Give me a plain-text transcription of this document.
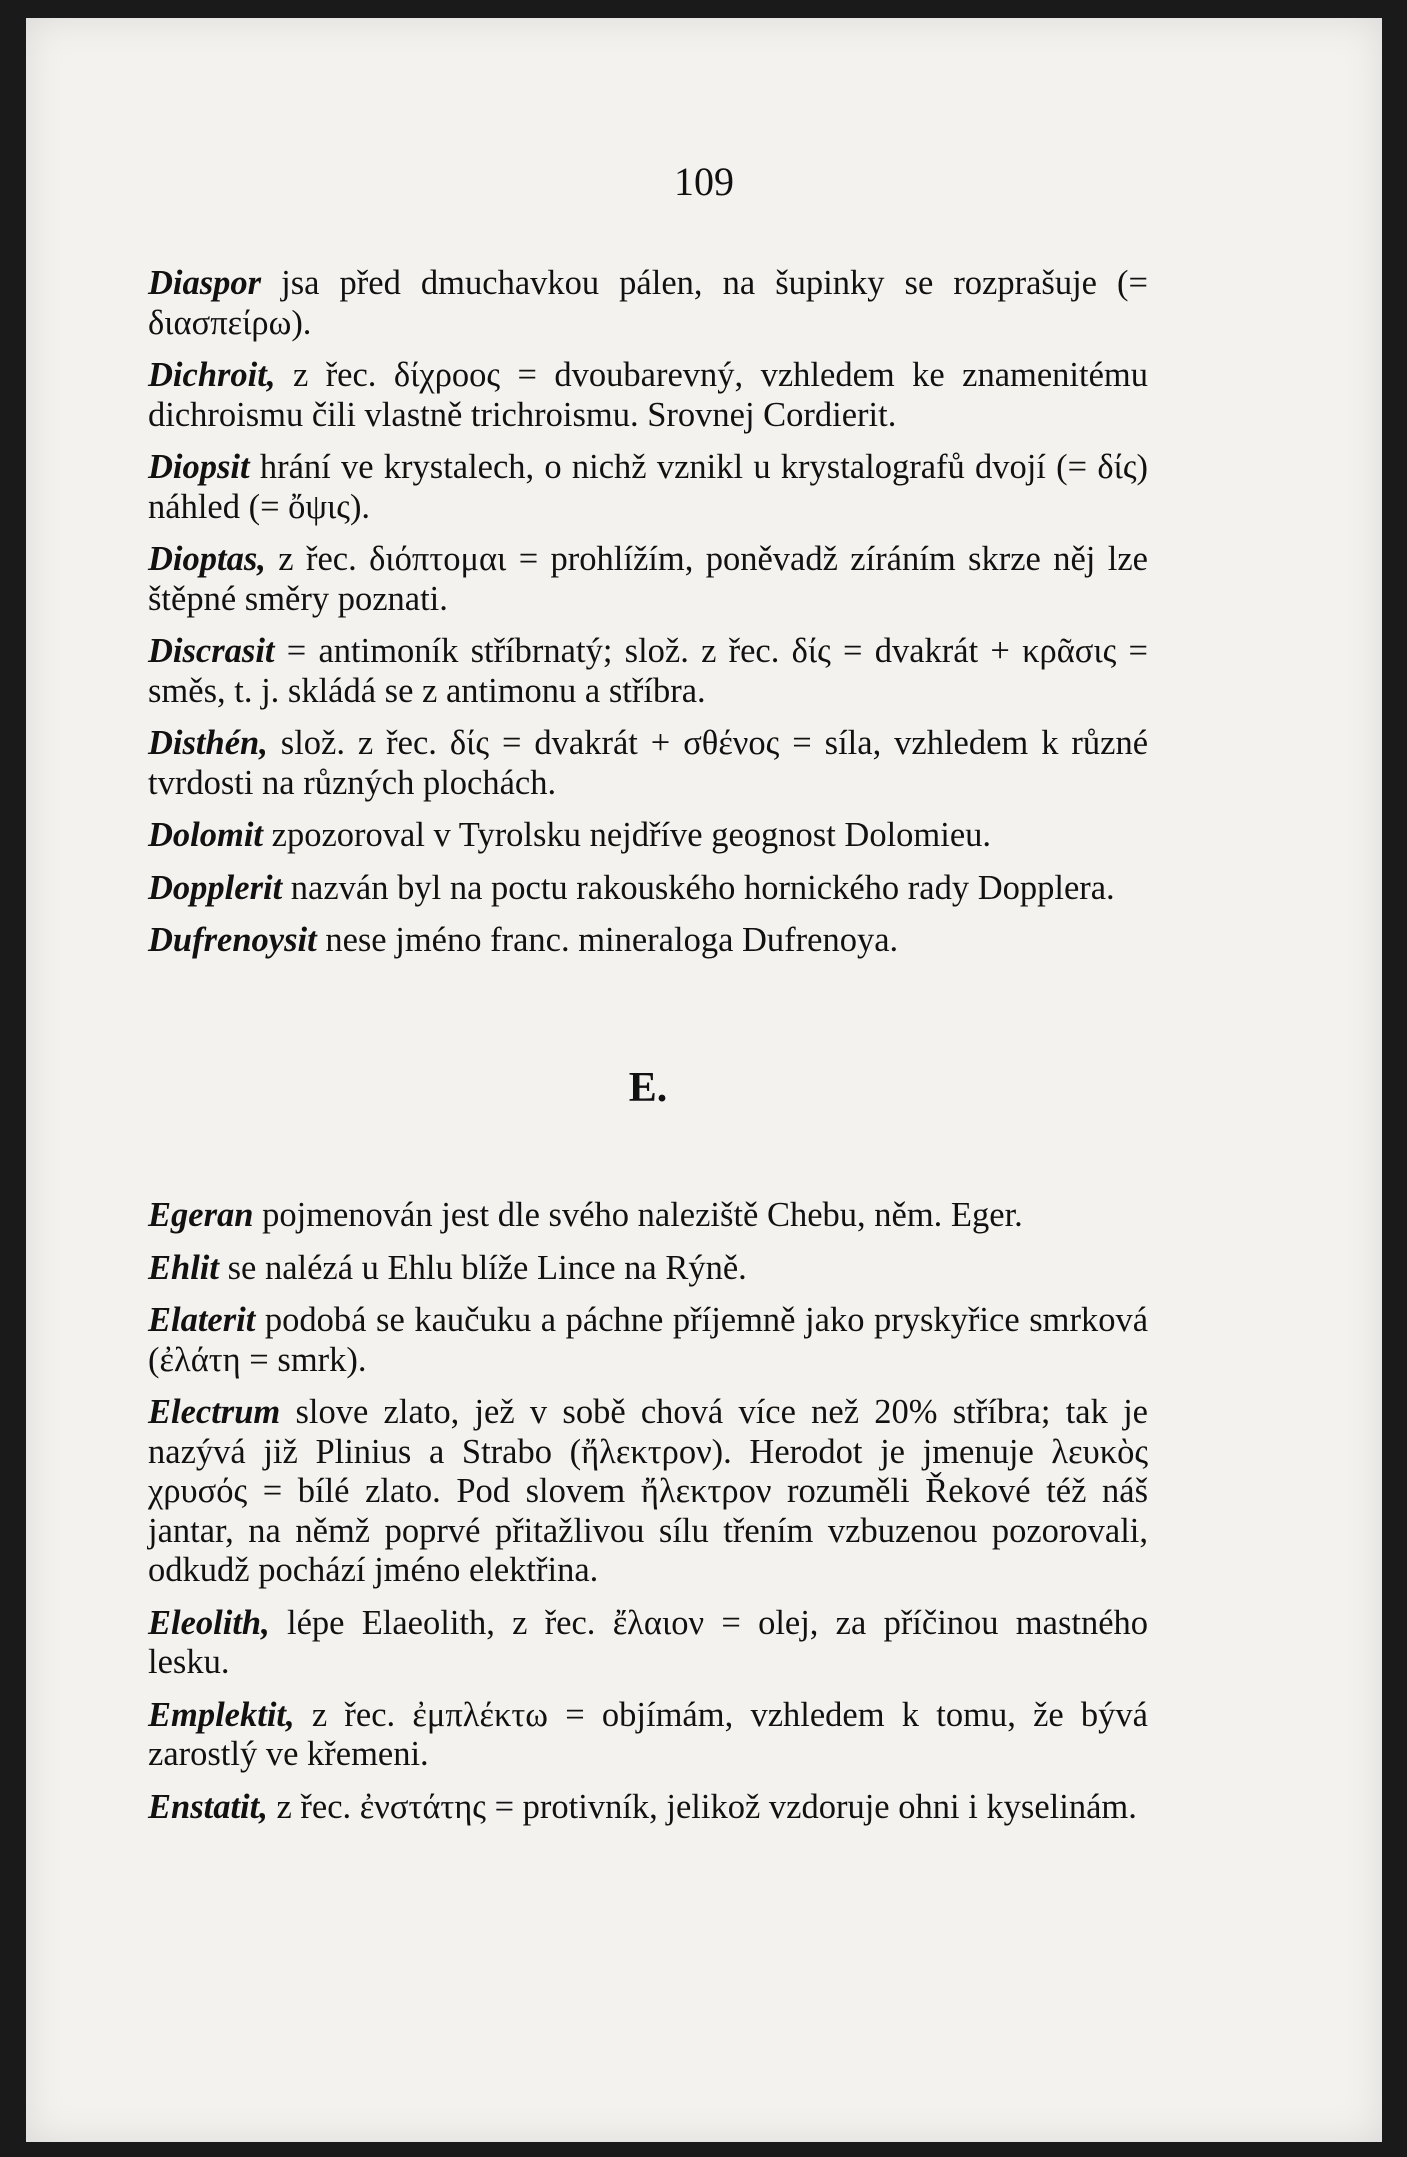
109

Diaspor jsa před dmuchavkou pálen, na šupinky se rozprašuje (= διασπείρω).

Dichroit, z řec. δίχροος = dvoubarevný, vzhledem ke znamenitému dichroismu čili vlastně trichroismu. Srovnej Cordierit.

Diopsit hrání ve krystalech, o nichž vznikl u krystalografů dvojí (= δίς) náhled (= ὄψις).

Dioptas, z řec. διόπτομαι = prohlížím, poněvadž zíráním skrze něj lze štěpné směry poznati.

Discrasit = antimoník stříbrnatý; slož. z řec. δίς = dvakrát + κρᾶσις = směs, t. j. skládá se z antimonu a stříbra.

Disthén, slož. z řec. δίς = dvakrát + σθένος = síla, vzhledem k různé tvrdosti na různých plochách.

Dolomit zpozoroval v Tyrolsku nejdříve geognost Dolomieu.

Dopplerit nazván byl na poctu rakouského hornického rady Dopplera.

Dufrenoysit nese jméno franc. mineraloga Dufrenoya.

E.

Egeran pojmenován jest dle svého naleziště Chebu, něm. Eger.

Ehlit se nalézá u Ehlu blíže Lince na Rýně.

Elaterit podobá se kaučuku a páchne příjemně jako pryskyřice smrková (ἐλάτη = smrk).

Electrum slove zlato, jež v sobě chová více než 20% stříbra; tak je nazývá již Plinius a Strabo (ἤλεκτρον). Herodot je jmenuje λευκὸς χρυσός = bílé zlato. Pod slovem ἤλεκτρον rozuměli Řekové též náš jantar, na němž poprvé přitažlivou sílu třením vzbuzenou pozorovali, odkudž pochází jméno elektřina.

Eleolith, lépe Elaeolith, z řec. ἔλαιον = olej, za příčinou mastného lesku.

Emplektit, z řec. ἐμπλέκτω = objímám, vzhledem k tomu, že bývá zarostlý ve křemeni.

Enstatit, z řec. ἐνστάτης = protivník, jelikož vzdoruje ohni i kyselinám.
